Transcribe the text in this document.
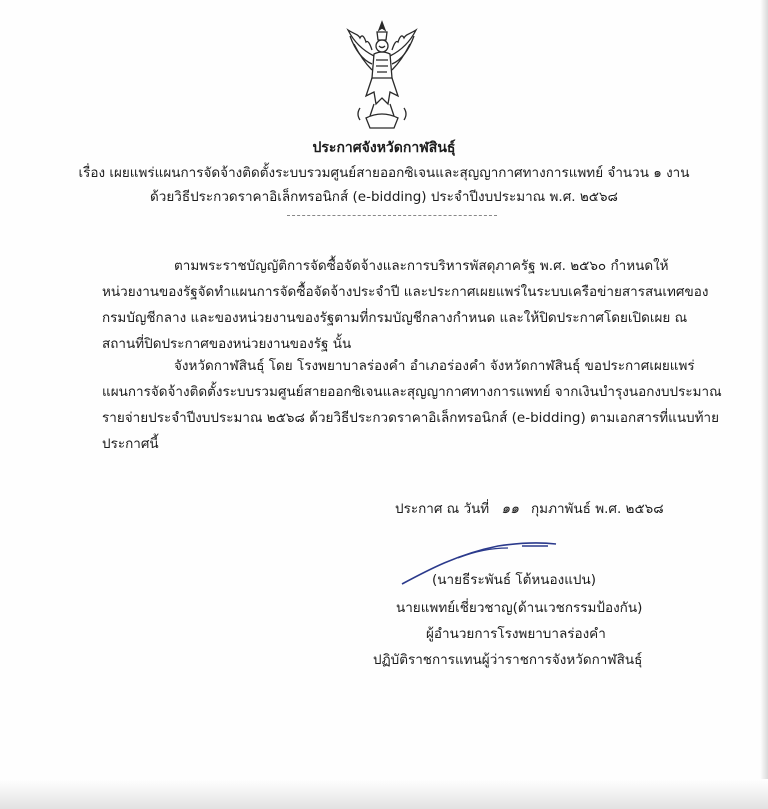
ประกาศจังหวัดกาฬสินธุ์
เรื่อง เผยแพร่แผนการจัดจ้างติดตั้งระบบรวมศูนย์สายออกซิเจนและสุญญากาศทางการแพทย์ จำนวน ๑ งาน
ด้วยวิธีประกวดราคาอิเล็กทรอนิกส์ (e-bidding) ประจำปีงบประมาณ พ.ศ. ๒๕๖๘
ตามพระราชบัญญัติการจัดซื้อจัดจ้างและการบริหารพัสดุภาครัฐ พ.ศ. ๒๕๖๐ กำหนดให้
หน่วยงานของรัฐจัดทำแผนการจัดซื้อจัดจ้างประจำปี และประกาศเผยแพร่ในระบบเครือข่ายสารสนเทศของ
กรมบัญชีกลาง และของหน่วยงานของรัฐตามที่กรมบัญชีกลางกำหนด และให้ปิดประกาศโดยเปิดเผย ณ
สถานที่ปิดประกาศของหน่วยงานของรัฐ นั้น
จังหวัดกาฬสินธุ์ โดย โรงพยาบาลร่องคำ อำเภอร่องคำ จังหวัดกาฬสินธุ์ ขอประกาศเผยแพร่
แผนการจัดจ้างติดตั้งระบบรวมศูนย์สายออกซิเจนและสุญญากาศทางการแพทย์ จากเงินบำรุงนอกงบประมาณ
รายจ่ายประจำปีงบประมาณ ๒๕๖๘ ด้วยวิธีประกวดราคาอิเล็กทรอนิกส์ (e-bidding) ตามเอกสารที่แนบท้าย
ประกาศนี้
ประกาศ ณ วันที่ ๑๑ กุมภาพันธ์ พ.ศ. ๒๕๖๘
(นายธีระพันธ์ โต้หนองแปน)
นายแพทย์เชี่ยวชาญ(ด้านเวชกรรมป้องกัน)
ผู้อำนวยการโรงพยาบาลร่องคำ
ปฏิบัติราชการแทนผู้ว่าราชการจังหวัดกาฬสินธุ์
